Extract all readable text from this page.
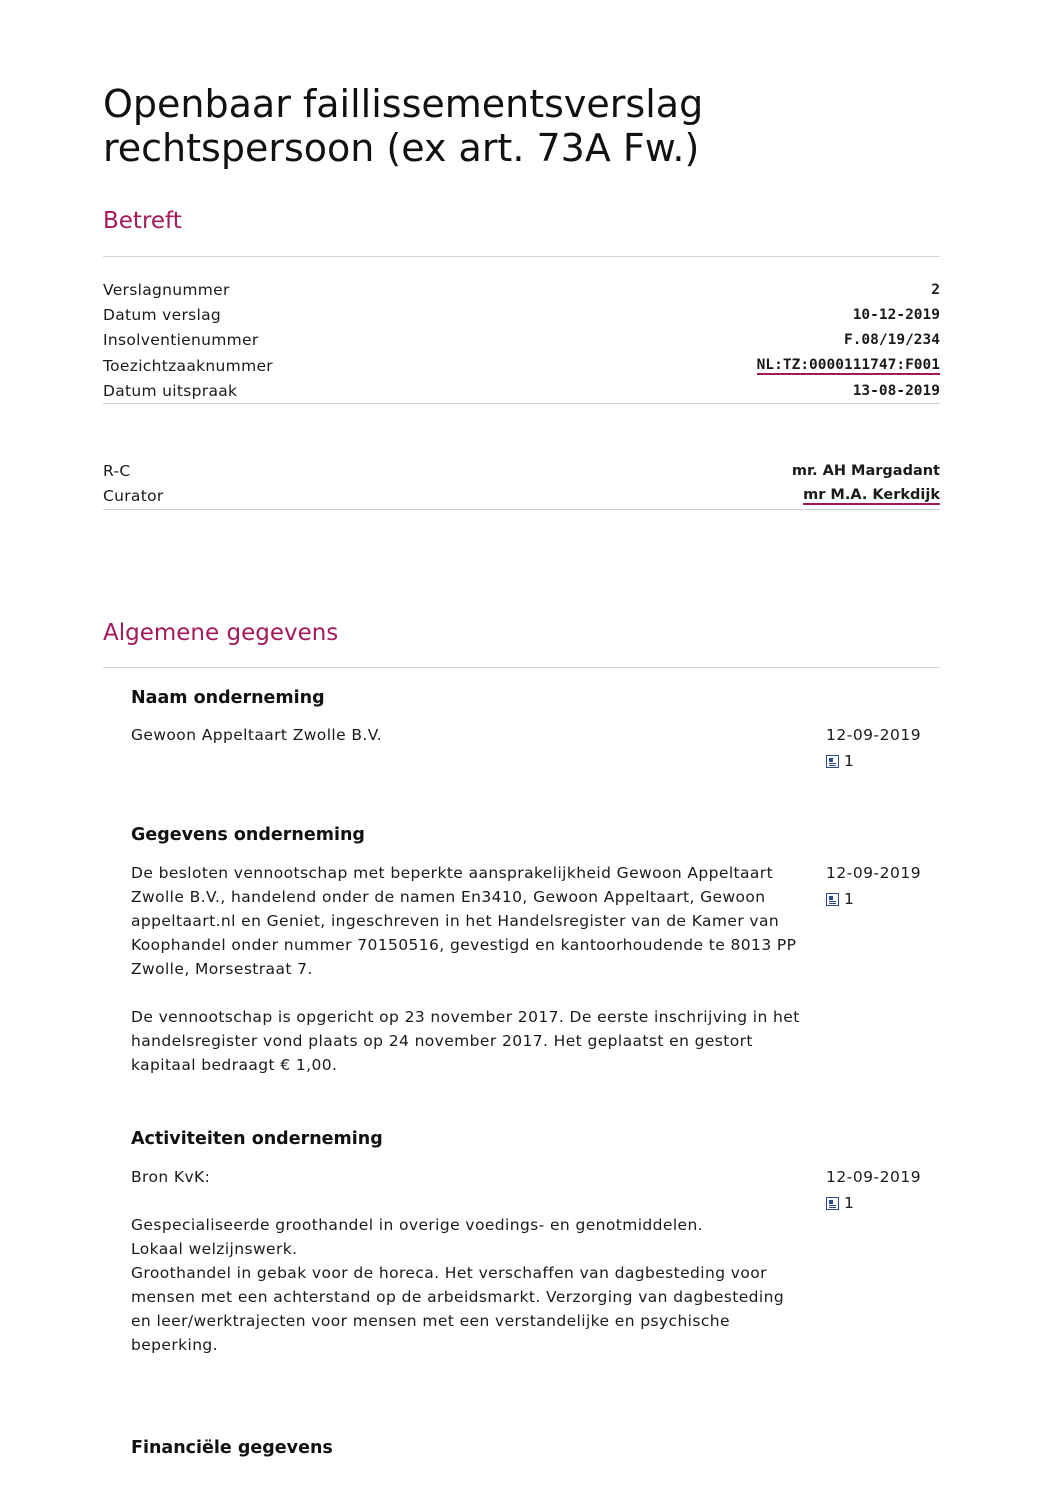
Openbaar faillissementsverslag rechtspersoon (ex art. 73A Fw.)
Betreft
Verslagnummer	2
Datum verslag	10-12-2019
Insolventienummer	F.08/19/234
Toezichtzaaknummer	NL:TZ:0000111747:F001
Datum uitspraak	13-08-2019
R-C	mr. AH Margadant
Curator	mr M.A. Kerkdijk
Algemene gegevens
Naam onderneming

Gewoon Appeltaart Zwolle B.V.	12-09-2019
1
Gegevens onderneming

De besloten vennootschap met beperkte aansprakelijkheid Gewoon Appeltaart Zwolle B.V., handelend onder de namen En3410, Gewoon Appeltaart, Gewoon appeltaart.nl en Geniet, ingeschreven in het Handelsregister van de Kamer van Koophandel onder nummer 70150516, gevestigd en kantoorhoudende te 8013 PP Zwolle, Morsestraat 7.

De vennootschap is opgericht op 23 november 2017. De eerste inschrijving in het handelsregister vond plaats op 24 november 2017. Het geplaatst en gestort kapitaal bedraagt € 1,00.

12-09-2019
1
Activiteiten onderneming

Bron KvK:

Gespecialiseerde groothandel in overige voedings- en genotmiddelen.
Lokaal welzijnswerk.
Groothandel in gebak voor de horeca. Het verschaffen van dagbesteding voor mensen met een achterstand op de arbeidsmarkt. Verzorging van dagbesteding en leer/werktrajecten voor mensen met een verstandelijke en psychische beperking.

12-09-2019
1
Financiële gegevens
